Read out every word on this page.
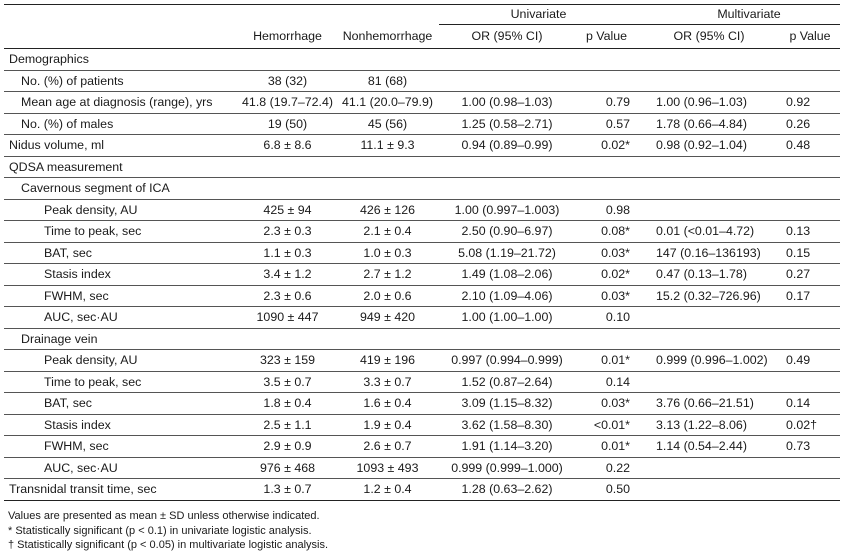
			Univariate		Multivariate	
	Hemorrhage	Nonhemorrhage	OR (95% CI)	p Value	OR (95% CI)	p Value
Demographics						
No. (%) of patients	38 (32)	81 (68)				
Mean age at diagnosis (range), yrs	41.8 (19.7–72.4)	41.1 (20.0–79.9)	1.00 (0.98–1.03)	0.79	1.00 (0.96–1.03)	0.92
No. (%) of males	19 (50)	45 (56)	1.25 (0.58–2.71)	0.57	1.78 (0.66–4.84)	0.26
Nidus volume, ml	6.8 ± 8.6	11.1 ± 9.3	0.94 (0.89–0.99)	0.02*	0.98 (0.92–1.04)	0.48
QDSA measurement						
Cavernous segment of ICA						
Peak density, AU	425 ± 94	426 ± 126	1.00 (0.997–1.003)	0.98		
Time to peak, sec	2.3 ± 0.3	2.1 ± 0.4	2.50 (0.90–6.97)	0.08*	0.01 (<0.01–4.72)	0.13
BAT, sec	1.1 ± 0.3	1.0 ± 0.3	5.08 (1.19–21.72)	0.03*	147 (0.16–136193)	0.15
Stasis index	3.4 ± 1.2	2.7 ± 1.2	1.49 (1.08–2.06)	0.02*	0.47 (0.13–1.78)	0.27
FWHM, sec	2.3 ± 0.6	2.0 ± 0.6	2.10 (1.09–4.06)	0.03*	15.2 (0.32–726.96)	0.17
AUC, sec·AU	1090 ± 447	949 ± 420	1.00 (1.00–1.00)	0.10		
Drainage vein						
Peak density, AU	323 ± 159	419 ± 196	0.997 (0.994–0.999)	0.01*	0.999 (0.996–1.002)	0.49
Time to peak, sec	3.5 ± 0.7	3.3 ± 0.7	1.52 (0.87–2.64)	0.14		
BAT, sec	1.8 ± 0.4	1.6 ± 0.4	3.09 (1.15–8.32)	0.03*	3.76 (0.66–21.51)	0.14
Stasis index	2.5 ± 1.1	1.9 ± 0.4	3.62 (1.58–8.30)	<0.01*	3.13 (1.22–8.06)	0.02†
FWHM, sec	2.9 ± 0.9	2.6 ± 0.7	1.91 (1.14–3.20)	0.01*	1.14 (0.54–2.44)	0.73
AUC, sec·AU	976 ± 468	1093 ± 493	0.999 (0.999–1.000)	0.22		
Transnidal transit time, sec	1.3 ± 0.7	1.2 ± 0.4	1.28 (0.63–2.62)	0.50		
Values are presented as mean ± SD unless otherwise indicated.
* Statistically significant (p < 0.1) in univariate logistic analysis.
† Statistically significant (p < 0.05) in multivariate logistic analysis.
